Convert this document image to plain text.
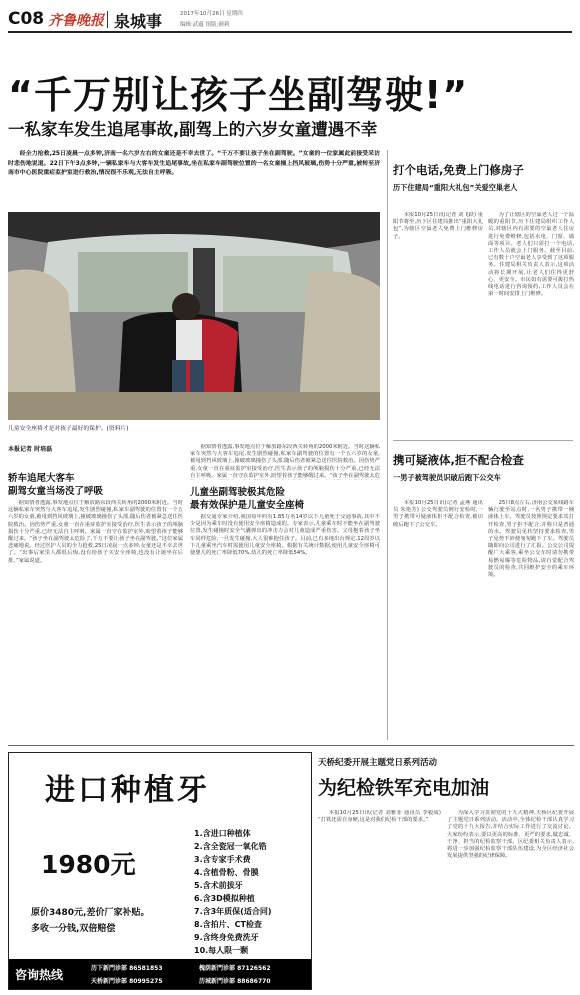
C08 齐鲁晚报 泉城事	2017年10月26日 星期四
编辑:武蕴 组版:颜莉
“千万别让孩子坐副驾驶!”
一私家车发生追尾事故,副驾上的六岁女童遭遇不幸
经全力抢救,25日凌晨一点多钟,济南一名六岁左右的女童还是不幸去世了。“千万不要让孩子坐在副驾驶。”女童的一位家属此前接受采访时悲伤地说道。22日下午3点多钟,一辆私家车与大客车发生追尾事故,坐在私家车副驾驶位置的一名女童撞上挡风玻璃,伤势十分严重,被转至济南市中心医院重症监护室进行救治,情况很不乐观,无法自主呼吸。
儿童安全座椅才是对孩子最好的保护。(资料片)
本报记者 时培磊
轿车追尾大客车
副驾女童当场没了呼吸
据知情者透露,事发地点位于解放路东段西关转角的2000米附近。当时这辆私家车突然与大客车追尾,发生剧烈碰撞,私家车副驾驶的位置有一个五六岁的女童,被甩到挡风玻璃上,撞破玻璃撞伤了头部,随后伤者被紧急送往医院救治。因伤势严重,女童一直在重症监护室接受治疗,医生表示孩子的颅脑损伤十分严重,已经无法自主呼吸。家属一直守在监护室外,盼望着孩子能够醒过来。“孩子坐在副驾驶太危险了,千万不要让孩子坐在副驾驶。”这位家属悲痛地说。经过医护人员的全力抢救,25日凌晨一点多钟,女童还是不幸去世了。“出事后家里人都很后悔,没有给孩子买安全座椅,也没有让她坐在后排。”家属说道。
据知情者透露,事发地点位于解放路东段西关转角的2000米附近。当时这辆私家车突然与大客车追尾,发生剧烈碰撞,私家车副驾驶的位置有一个五六岁的女童,被甩到挡风玻璃上,撞破玻璃撞伤了头部,随后伤者被紧急送往医院救治。因伤势严重,女童一直在重症监护室接受治疗,医生表示孩子的颅脑损伤十分严重,已经无法自主呼吸。家属一直守在监护室外,盼望着孩子能够醒过来。“孩子坐在副驾驶太危
儿童坐副驾驶极其危险
最有效保护是儿童安全座椅
据交通专家介绍,我国每年约有1.85万名14岁以下儿童死于交通事故,其中不少是因为乘车时没有使用安全座椅造成的。专家表示,儿童乘车时不能坐在副驾驶位置,发生碰撞时安全气囊弹出的冲击力会对儿童造成严重伤害。父母抱着孩子坐车同样危险,一旦发生碰撞,大人很难抱住孩子。目前,已有多地出台规定,12周岁以下儿童乘坐汽车时需使用儿童安全座椅。根据有关统计数据,使用儿童安全座椅可使婴儿的死亡率降低70%,幼儿的死亡率降低54%。
打个电话,免费上门修房子
历下住建局“重阳大礼包”关爱空巢老人
本报10月25日讯(记者 刘飞跃) 重阳节将至,历下区住建局推出“重阳大礼包”,为辖区空巢老人免费上门维修房子。
为了让辖区的空巢老人过一个温暖的重阳节,历下住建局组织工作人员,对辖区内有需要的空巢老人住房进行免费维修,包括水电、门窗、墙面等项目。老人们只需打一个电话,工作人员就会上门服务。截至目前,已有数十户空巢老人享受到了这项服务。住建局相关负责人表示,这项活动将长期开展,让老人们住得更舒心、更安全。市民如有需要可拨打热线电话进行咨询预约,工作人员会在第一时间安排上门维修。
携可疑液体,拒不配合检查
一男子被驾驶员识破后跑下公交车
本报10月25日讯(记者 孟燕 通讯员 朱艳芳) 公交驾驶员例行安检时,一男子携带可疑液体拒不配合检查,被识破后跑下了公交车。
25日8点左右,济南公交某线路车辆行驶至站点时,一名男子携带一桶液体上车。驾驶员按照规定要求其打开检查,男子拒不配合,并称只是普通的水。驾驶员见状坚持要求检查,男子见势不妙便匆匆跑下了车。驾驶员随即向公司进行了汇报。公交公司提醒广大乘客,乘坐公交车时请勿携带易燃易爆等危险物品,请自觉配合驾驶员的检查,共同维护安全的乘车环境。
进口种植牙
1980元
原价3480元,差价厂家补贴。
多收一分钱,双倍赔偿
1.含进口种植体
2.含全瓷冠一氧化锆
3.含专家手术费
4.含植骨粉、骨膜
5.含术前拔牙
6.含3D模拟种植
7.含3年质保(适合同)
8.含拍片、CT检查
9.含终身免费洗牙
10.每人限一颗
咨询热线	历下新門诊部 86581853	槐荫新門诊部 87126562
天桥新門诊部 80995275	历城新門诊部 88686770
天桥纪委开展主题党日系列活动
为纪检铁军充电加油
本报10月25日讯(记者 刘雅菲 通讯员 李毅成) “打铁还需自身硬,这是对我们纪检干部的要求。”
为深入学习贯彻党的十九大精神,天桥区纪委开展了主题党日系列活动。活动中,全体纪检干部认真学习了党的十九大报告,并结合实际工作进行了交流讨论。大家纷纷表示,要以更高的标准、更严的要求,做忠诚、干净、担当的纪检监察干部。区纪委相关负责人表示,将进一步加强纪检监察干部队伍建设,为全区经济社会发展提供坚强的纪律保障。
